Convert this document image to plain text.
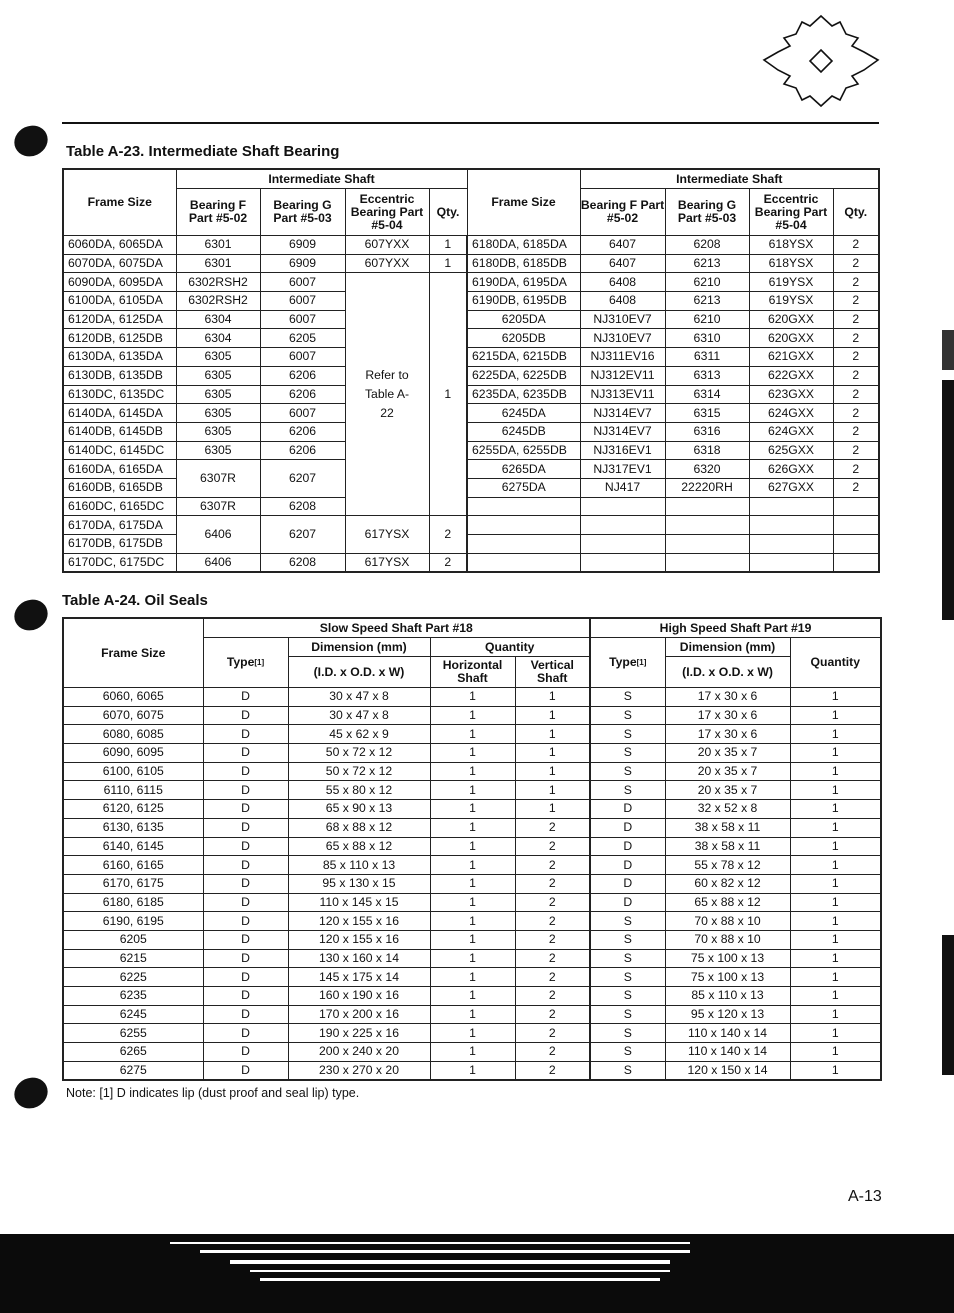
Table A-23. Intermediate Shaft Bearing
Frame Size	Intermediate Shaft				Frame Size	Intermediate Shaft			
	Bearing F Part #5-02	Bearing G Part #5-03	Eccentric Bearing Part #5-04	Qty.		Bearing F Part #5-02	Bearing G Part #5-03	Eccentric Bearing Part #5-04	Qty.
6060DA, 6065DA	6301	6909	607YXX	1	6180DA, 6185DA	6407	6208	618YSX	2
6070DA, 6075DA	6301	6909	607YXX	1	6180DB, 6185DB	6407	6213	618YSX	2
6090DA, 6095DA	6302RSH2	6007	Refer to Table A-22	1	6190DA, 6195DA	6408	6210	619YSX	2
6100DA, 6105DA	6302RSH2	6007			6190DB, 6195DB	6408	6213	619YSX	2
6120DA, 6125DA	6304	6007			6205DA	NJ310EV7	6210	620GXX	2
6120DB, 6125DB	6304	6205			6205DB	NJ310EV7	6310	620GXX	2
6130DA, 6135DA	6305	6007			6215DA, 6215DB	NJ311EV16	6311	621GXX	2
6130DB, 6135DB	6305	6206			6225DA, 6225DB	NJ312EV11	6313	622GXX	2
6130DC, 6135DC	6305	6206			6235DA, 6235DB	NJ313EV11	6314	623GXX	2
6140DA, 6145DA	6305	6007			6245DA	NJ314EV7	6315	624GXX	2
6140DB, 6145DB	6305	6206			6245DB	NJ314EV7	6316	624GXX	2
6140DC, 6145DC	6305	6206			6255DA, 6255DB	NJ316EV1	6318	625GXX	2
6160DA, 6165DA	6307R	6207			6265DA	NJ317EV1	6320	626GXX	2
6160DB, 6165DB					6275DA	NJ417	22220RH	627GXX	2
6160DC, 6165DC	6307R	6208							
6170DA, 6175DA	6406	6207	617YSX	2					
6170DB, 6175DB									
6170DC, 6175DC	6406	6208	617YSX	2					
Table A-24. Oil Seals
Frame Size	Slow Speed Shaft Part #18				High Speed Shaft Part #19		
	Type[1]	Dimension (mm)	Quantity		Type[1]	Dimension (mm)	Quantity
		(I.D. x O.D. x W)	Horizontal Shaft	Vertical Shaft		(I.D. x O.D. x W)	
6060, 6065	D	30 x 47 x 8	1	1	S	17 x 30 x 6	1
6070, 6075	D	30 x 47 x 8	1	1	S	17 x 30 x 6	1
6080, 6085	D	45 x 62 x 9	1	1	S	17 x 30 x 6	1
6090, 6095	D	50 x 72 x 12	1	1	S	20 x 35 x 7	1
6100, 6105	D	50 x 72 x 12	1	1	S	20 x 35 x 7	1
6110, 6115	D	55 x 80 x 12	1	1	S	20 x 35 x 7	1
6120, 6125	D	65 x 90 x 13	1	1	D	32 x 52 x 8	1
6130, 6135	D	68 x 88 x 12	1	2	D	38 x 58 x 11	1
6140, 6145	D	65 x 88 x 12	1	2	D	38 x 58 x 11	1
6160, 6165	D	85 x 110 x 13	1	2	D	55 x 78 x 12	1
6170, 6175	D	95 x 130 x 15	1	2	D	60 x 82 x 12	1
6180, 6185	D	110 x 145 x 15	1	2	D	65 x 88 x 12	1
6190, 6195	D	120 x 155 x 16	1	2	S	70 x 88 x 10	1
6205	D	120 x 155 x 16	1	2	S	70 x 88 x 10	1
6215	D	130 x 160 x 14	1	2	S	75 x 100 x 13	1
6225	D	145 x 175 x 14	1	2	S	75 x 100 x 13	1
6235	D	160 x 190 x 16	1	2	S	85 x 110 x 13	1
6245	D	170 x 200 x 16	1	2	S	95 x 120 x 13	1
6255	D	190 x 225 x 16	1	2	S	110 x 140 x 14	1
6265	D	200 x 240 x 20	1	2	S	110 x 140 x 14	1
6275	D	230 x 270 x 20	1	2	S	120 x 150 x 14	1
Note: [1] D indicates lip (dust proof and seal lip) type.
A-13
